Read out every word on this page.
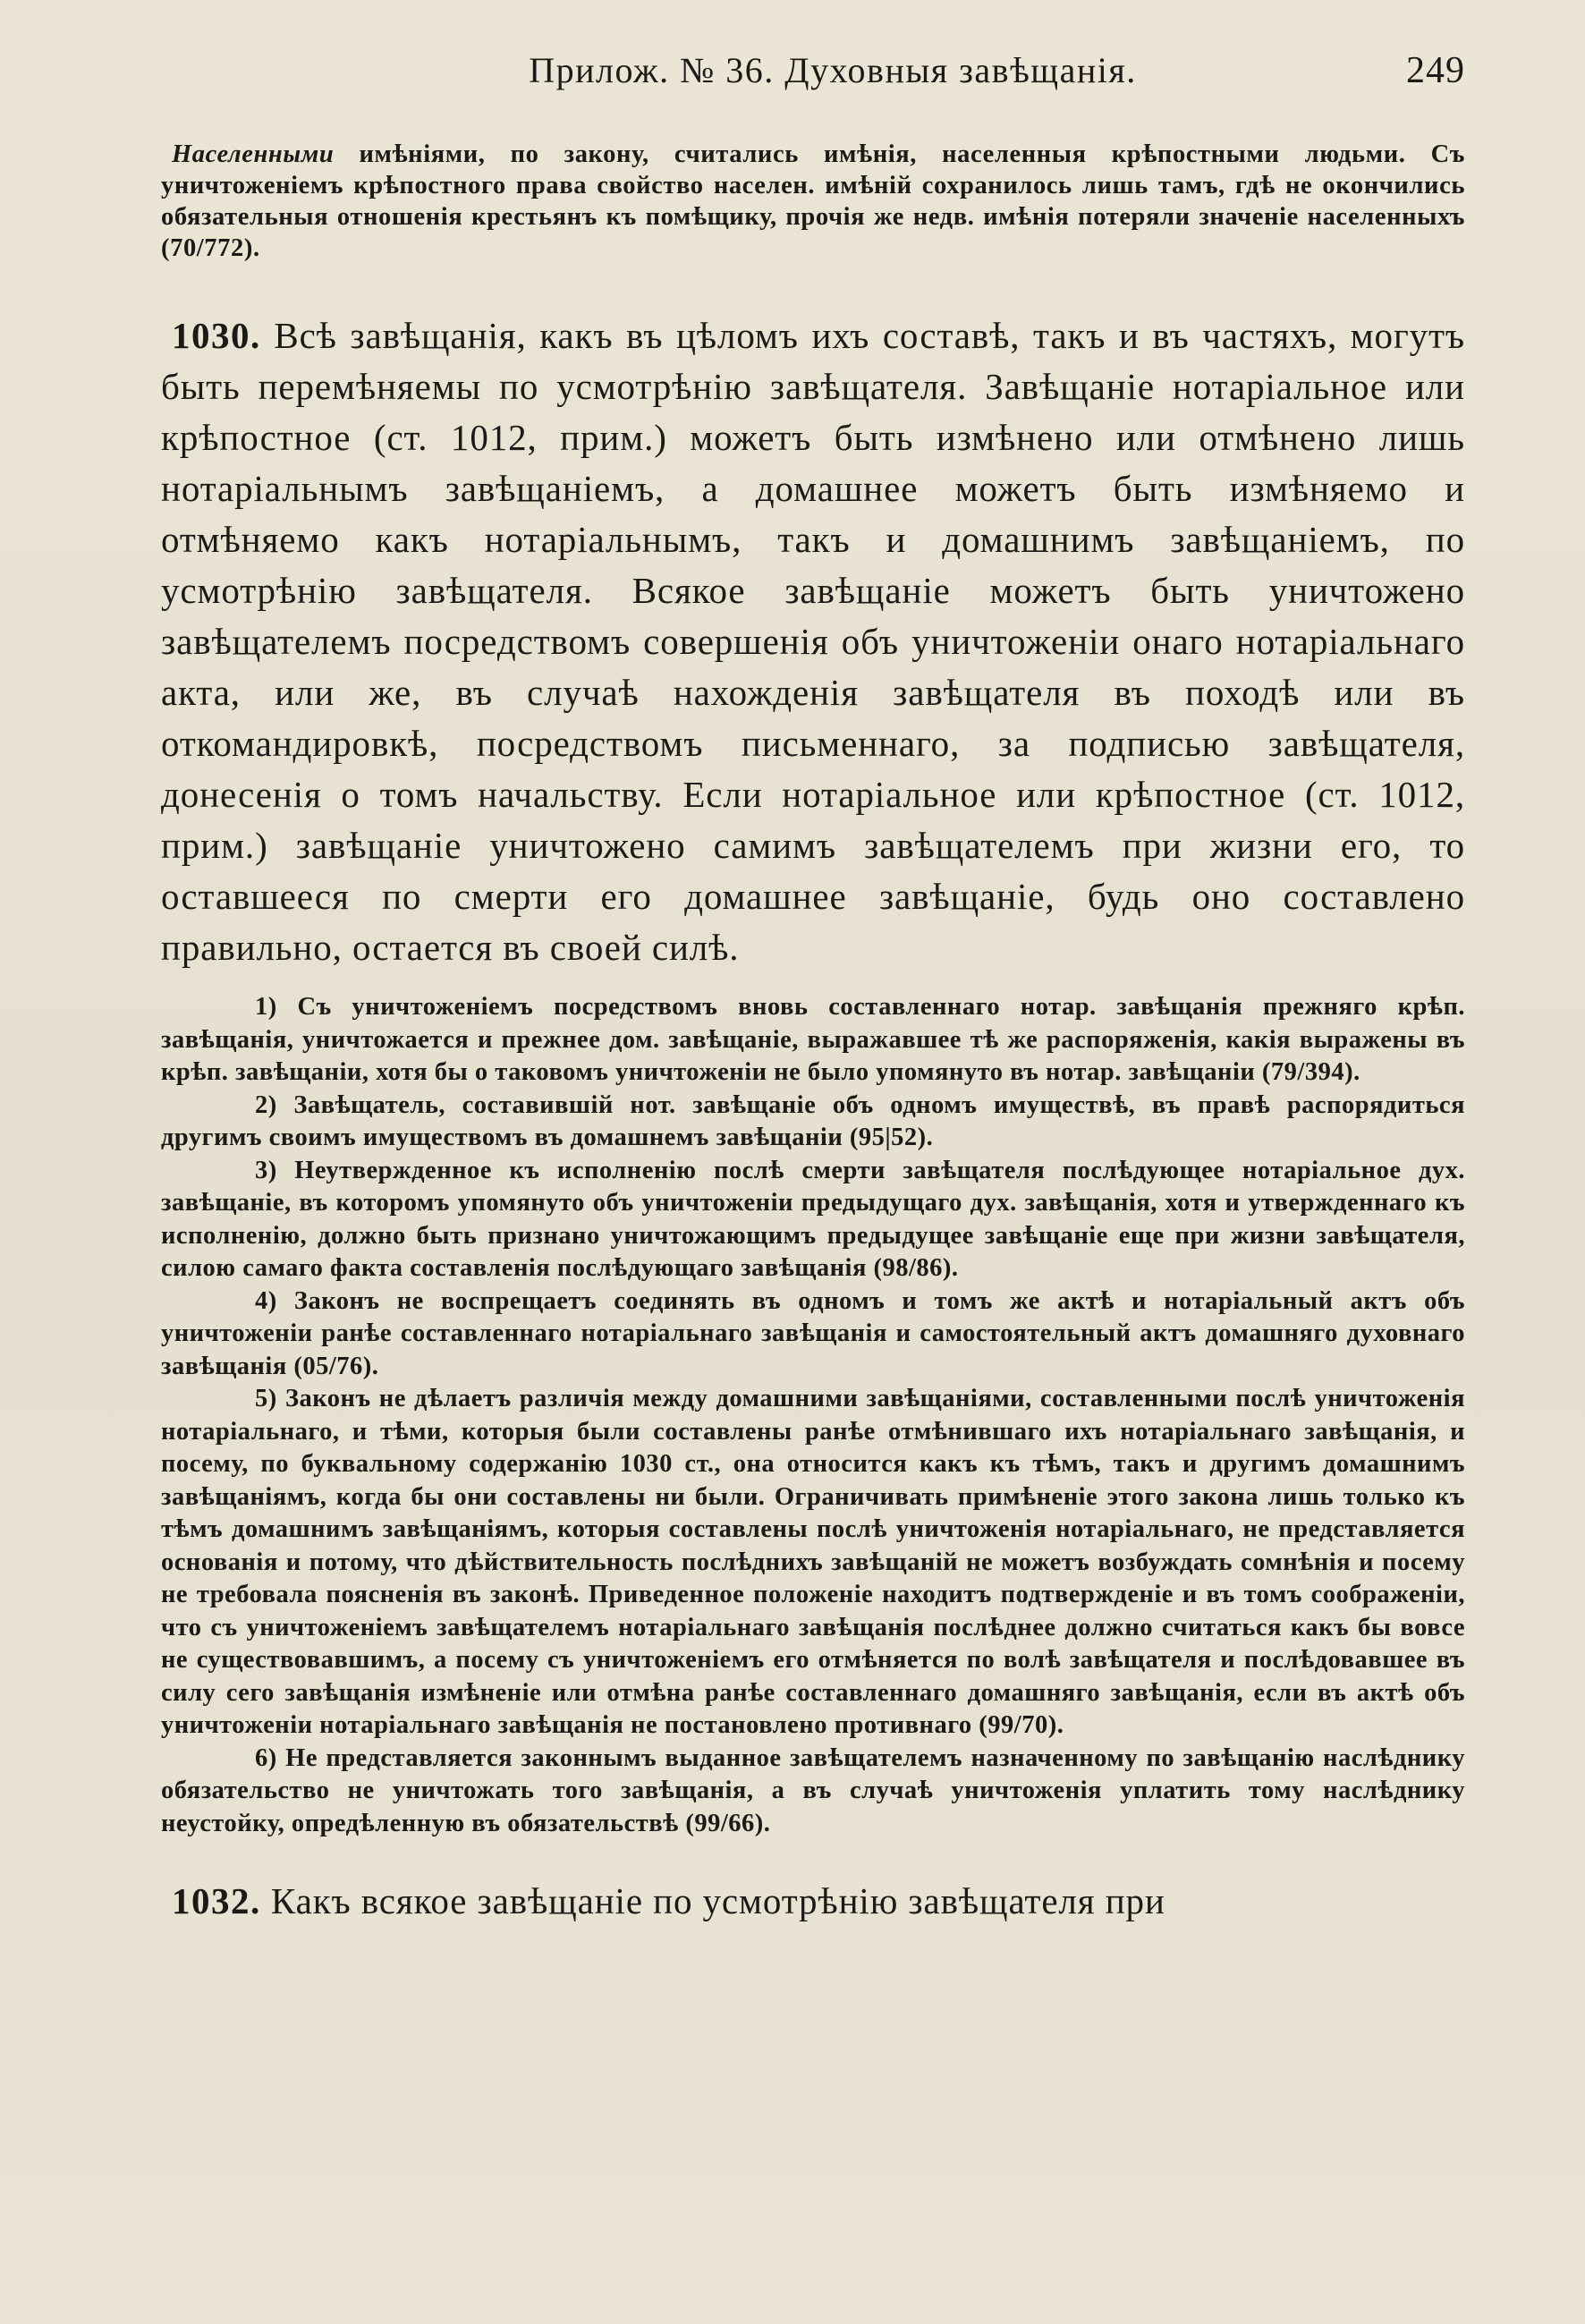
Прилож. № 36. Духовныя завѣщанія.	249

Населенными имѣніями, по закону, считались имѣнія, населенныя крѣпостными людьми. Съ уничтоженіемъ крѣпостного права свойство населен. имѣній сохранилось лишь тамъ, гдѣ не окончились обязательныя отношенія крестьянъ къ помѣщику, прочія же недв. имѣнія потеряли значеніе населенныхъ (70/772).

1030. Всѣ завѣщанія, какъ въ цѣломъ ихъ составѣ, такъ и въ частяхъ, могутъ быть перемѣняемы по усмотрѣнію завѣщателя. Завѣщаніе нотаріальное или крѣпостное (ст. 1012, прим.) можетъ быть измѣнено или отмѣнено лишь нотаріальнымъ завѣщаніемъ, а домашнее можетъ быть измѣняемо и отмѣняемо какъ нотаріальнымъ, такъ и домашнимъ завѣщаніемъ, по усмотрѣнію завѣщателя. Всякое завѣщаніе можетъ быть уничтожено завѣщателемъ посредствомъ совершенія объ уничтоженіи онаго нотаріальнаго акта, или же, въ случаѣ нахожденія завѣщателя въ походѣ или въ откомандировкѣ, посредствомъ письменнаго, за подписью завѣщателя, донесенія о томъ начальству. Если нотаріальное или крѣпостное (ст. 1012, прим.) завѣщаніе уничтожено самимъ завѣщателемъ при жизни его, то оставшееся по смерти его домашнее завѣщаніе, будь оно составлено правильно, остается въ своей силѣ.

1) Съ уничтоженіемъ посредствомъ вновь составленнаго нотар. завѣщанія прежняго крѣп. завѣщанія, уничтожается и прежнее дом. завѣщаніе, выражавшее тѣ же распоряженія, какія выражены въ крѣп. завѣщаніи, хотя бы о таковомъ уничтоженіи не было упомянуто въ нотар. завѣщаніи (79/394).

2) Завѣщатель, составившій нот. завѣщаніе объ одномъ имуществѣ, въ правѣ распорядиться другимъ своимъ имуществомъ въ домашнемъ завѣщаніи (95|52).

3) Неутвержденное къ исполненію послѣ смерти завѣщателя послѣдующее нотаріальное дух. завѣщаніе, въ которомъ упомянуто объ уничтоженіи предыдущаго дух. завѣщанія, хотя и утвержденнаго къ исполненію, должно быть признано уничтожающимъ предыдущее завѣщаніе еще при жизни завѣщателя, силою самаго факта составленія послѣдующаго завѣщанія (98/86).

4) Законъ не воспрещаетъ соединять въ одномъ и томъ же актѣ и нотаріальный актъ объ уничтоженіи ранѣе составленнаго нотаріальнаго завѣщанія и самостоятельный актъ домашняго духовнаго завѣщанія (05/76).

5) Законъ не дѣлаетъ различія между домашними завѣщаніями, составленными послѣ уничтоженія нотаріальнаго, и тѣми, которыя были составлены ранѣе отмѣнившаго ихъ нотаріальнаго завѣщанія, и посему, по буквальному содержанію 1030 ст., она относится какъ къ тѣмъ, такъ и другимъ домашнимъ завѣщаніямъ, когда бы они составлены ни были. Ограничивать примѣненіе этого закона лишь только къ тѣмъ домашнимъ завѣщаніямъ, которыя составлены послѣ уничтоженія нотаріальнаго, не представляется основанія и потому, что дѣйствительность послѣднихъ завѣщаній не можетъ возбуждать сомнѣнія и посему не требовала поясненія въ законѣ. Приведенное положеніе находитъ подтвержденіе и въ томъ соображеніи, что съ уничтоженіемъ завѣщателемъ нотаріальнаго завѣщанія послѣднее должно считаться какъ бы вовсе не существовавшимъ, а посему съ уничтоженіемъ его отмѣняется по волѣ завѣщателя и послѣдовавшее въ силу сего завѣщанія измѣненіе или отмѣна ранѣе составленнаго домашняго завѣщанія, если въ актѣ объ уничтоженіи нотаріальнаго завѣщанія не постановлено противнаго (99/70).

6) Не представляется законнымъ выданное завѣщателемъ назначенному по завѣщанію наслѣднику обязательство не уничтожать того завѣщанія, а въ случаѣ уничтоженія уплатить тому наслѣднику неустойку, опредѣленную въ обязательствѣ (99/66).

1032. Какъ всякое завѣщаніе по усмотрѣнію завѣщателя при
